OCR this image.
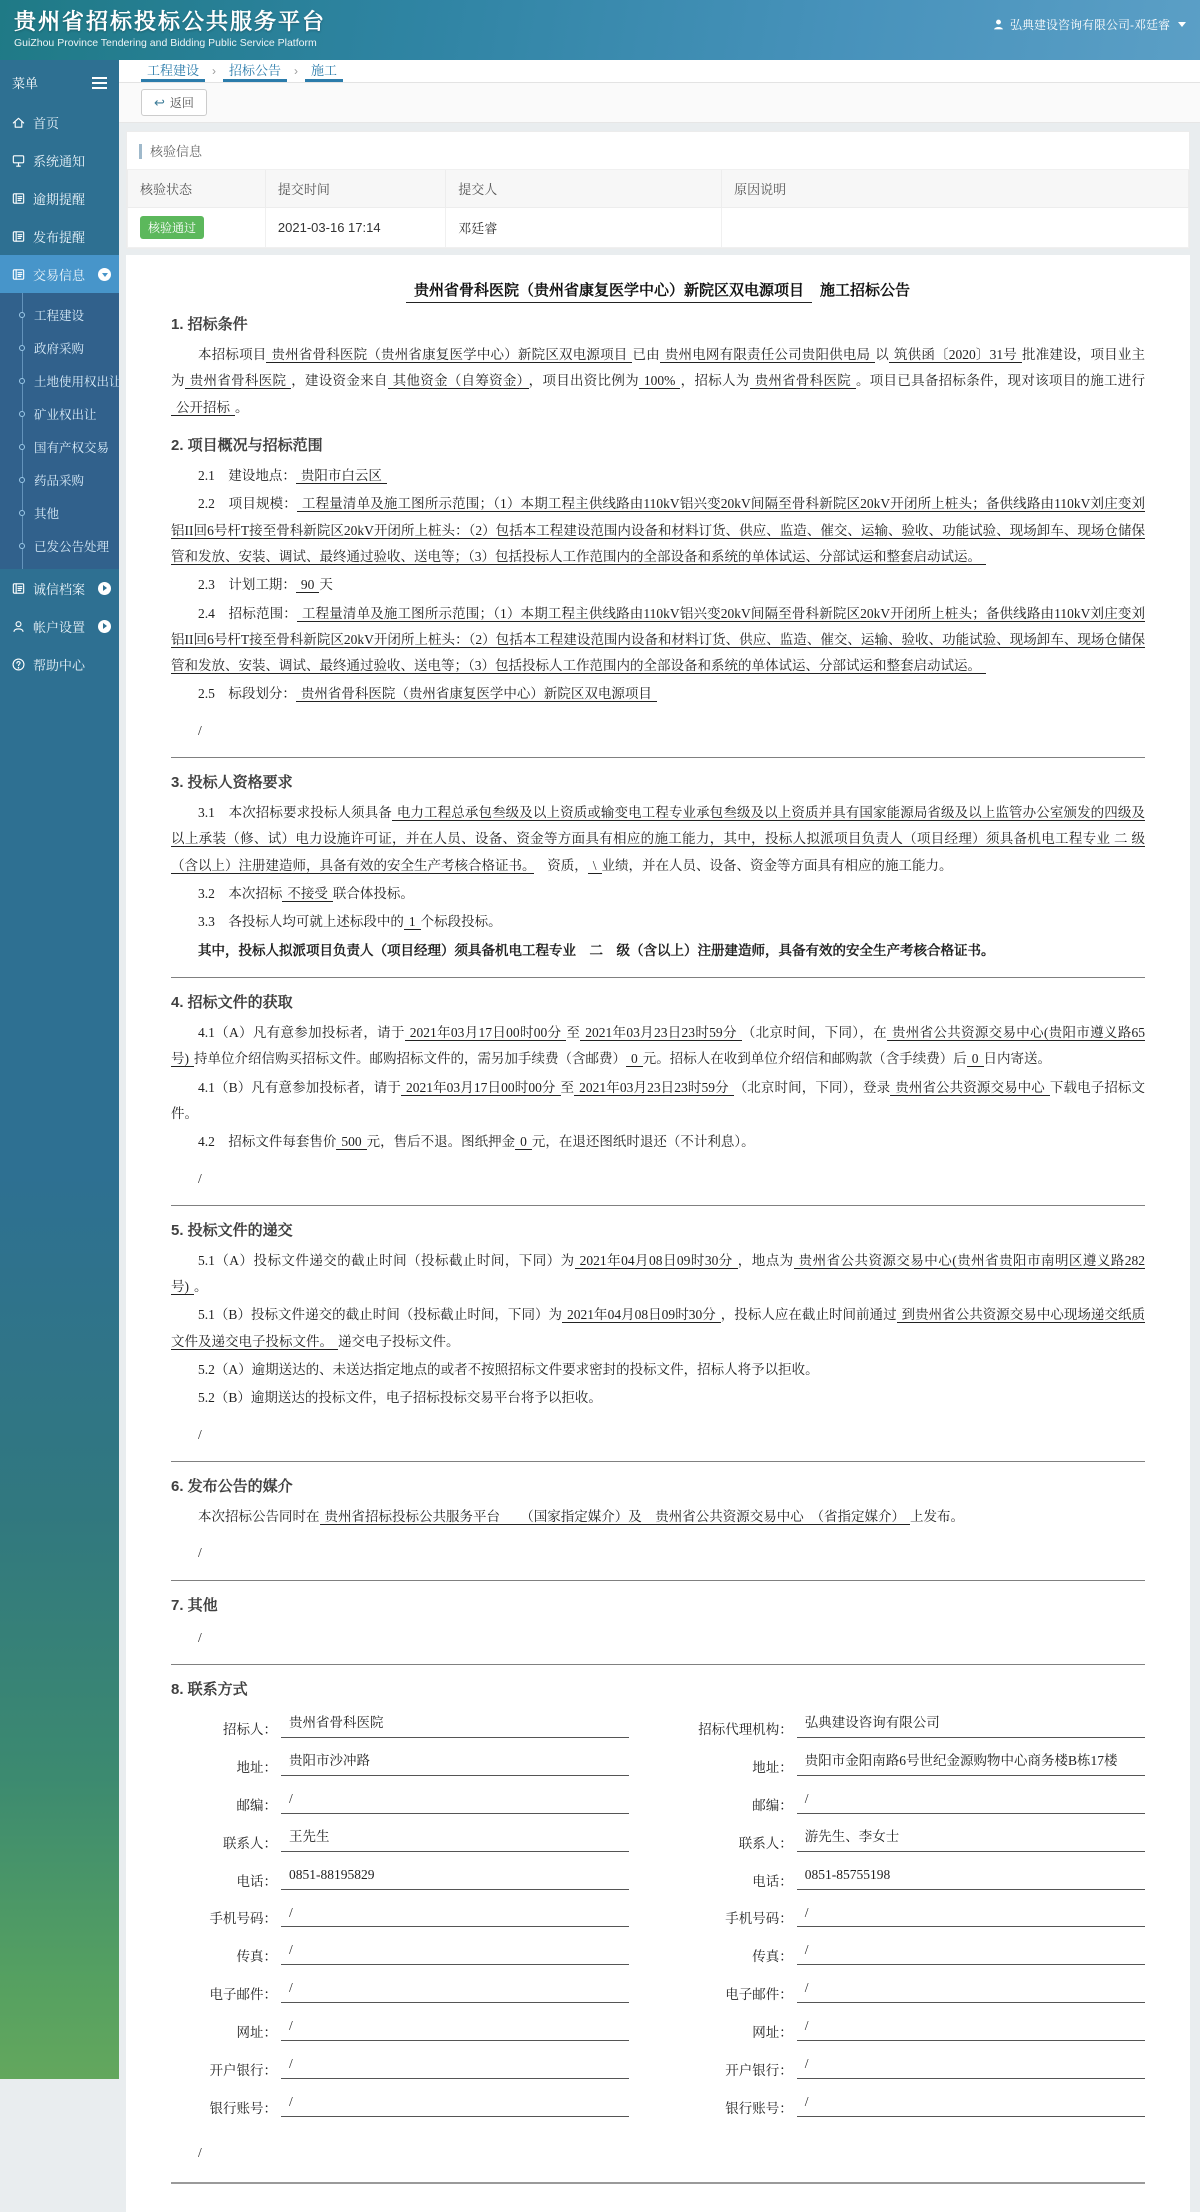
贵州省招标投标公共服务平台
GuiZhou Province Tendering and Bidding Public Service Platform
弘典建设咨询有限公司-邓廷睿
菜单
首页
系统通知
逾期提醒
发布提醒
交易信息
工程建设
政府采购
土地使用权出让
矿业权出让
国有产权交易
药品采购
其他
已发公告处理
诚信档案
帐户设置
帮助中心
工程建设	›	招标公告	›	施工
↩ 返回
核验信息
核验状态	提交时间	提交人	原因说明
核验通过	2021-03-16 17:14	邓廷睿	
贵州省骨科医院（贵州省康复医学中心）新院区双电源项目 施工招标公告
1. 招标条件

本招标项目 贵州省骨科医院（贵州省康复医学中心）新院区双电源项目 已由 贵州电网有限责任公司贵阳供电局 以 筑供函〔2020〕31号 批准建设，项目业主为 贵州省骨科医院 ，建设资金来自 其他资金（自筹资金） ，项目出资比例为 100% ，招标人为 贵州省骨科医院 。项目已具备招标条件，现对该项目的施工进行公开招标 。

2. 项目概况与招标范围

2.1　建设地点： 贵阳市白云区

2.2　项目规模： 工程量清单及施工图所示范围；（1）本期工程主供线路由110kV铝兴变20kV间隔至骨科新院区20kV开闭所上桩头；备供线路由110kV刘庄变刘铝II回6号杆T接至骨科新院区20kV开闭所上桩头：（2）包括本工程建设范围内设备和材料订货、供应、监造、催交、运输、验收、功能试验、现场卸车、现场仓储保管和发放、安装、调试、最终通过验收、送电等；（3）包括投标人工作范围内的全部设备和系统的单体试运、分部试运和整套启动试运。

2.3　计划工期： 90 天

2.4　招标范围： 工程量清单及施工图所示范围；（1）本期工程主供线路由110kV铝兴变20kV间隔至骨科新院区20kV开闭所上桩头；备供线路由110kV刘庄变刘铝II回6号杆T接至骨科新院区20kV开闭所上桩头：（2）包括本工程建设范围内设备和材料订货、供应、监造、催交、运输、验收、功能试验、现场卸车、现场仓储保管和发放、安装、调试、最终通过验收、送电等；（3）包括投标人工作范围内的全部设备和系统的单体试运、分部试运和整套启动试运。

2.5　标段划分： 贵州省骨科医院（贵州省康复医学中心）新院区双电源项目

/

3. 投标人资格要求

3.1　本次招标要求投标人须具备 电力工程总承包叁级及以上资质或输变电工程专业承包叁级及以上资质并具有国家能源局省级及以上监管办公室颁发的四级及以上承装（修、试）电力设施许可证，并在人员、设备、资金等方面具有相应的施工能力，其中，投标人拟派项目负责人（项目经理）须具备机电工程专业 二 级（含以上）注册建造师，具备有效的安全生产考核合格证书。　资质， \ 业绩，并在人员、设备、资金等方面具有相应的施工能力。

3.2　本次招标 不接受 联合体投标。

3.3　各投标人均可就上述标段中的 1 个标段投标。

其中，投标人拟派项目负责人（项目经理）须具备机电工程专业　二　级（含以上）注册建造师，具备有效的安全生产考核合格证书。

4. 招标文件的获取

4.1（A）凡有意参加投标者，请于 2021年03月17日00时00分 至 2021年03月23日23时59分 （北京时间，下同），在 贵州省公共资源交易中心(贵阳市遵义路65号) 持单位介绍信购买招标文件。邮购招标文件的，需另加手续费（含邮费） 0 元。招标人在收到单位介绍信和邮购款（含手续费）后 0 日内寄送。

4.1（B）凡有意参加投标者，请于 2021年03月17日00时00分 至 2021年03月23日23时59分 （北京时间，下同），登录 贵州省公共资源交易中心 下载电子招标文件。

4.2　招标文件每套售价 500 元，售后不退。图纸押金 0 元，在退还图纸时退还（不计利息）。

/

5. 投标文件的递交

5.1（A）投标文件递交的截止时间（投标截止时间，下同）为 2021年04月08日09时30分 ，地点为 贵州省公共资源交易中心(贵州省贵阳市南明区遵义路282号) 。

5.1（B）投标文件递交的截止时间（投标截止时间，下同）为 2021年04月08日09时30分 ，投标人应在截止时间前通过 到贵州省公共资源交易中心现场递交纸质文件及递交电子投标文件。 递交电子投标文件。

5.2（A）逾期送达的、未送达指定地点的或者不按照招标文件要求密封的投标文件，招标人将予以拒收。

5.2（B）逾期送达的投标文件，电子招标投标交易平台将予以拒收。

/

6. 发布公告的媒介

本次招标公告同时在 贵州省招标投标公共服务平台　　（国家指定媒介）及　贵州省公共资源交易中心　（省指定媒介） 上发布。

/

7. 其他

/

8. 联系方式
招标人： 贵州省骨科医院
地址： 贵阳市沙冲路
邮编： /
联系人： 王先生
电话： 0851-88195829
手机号码： /
传真： /
电子邮件： /
网址： /
开户银行： /
银行账号： /
招标代理机构： 弘典建设咨询有限公司
地址： 贵阳市金阳南路6号世纪金源购物中心商务楼B栋17楼
邮编： /
联系人： 游先生、李女士
电话： 0851-85755198
手机号码： /
传真： /
电子邮件： /
网址： /
开户银行： /
银行账号： /

/
